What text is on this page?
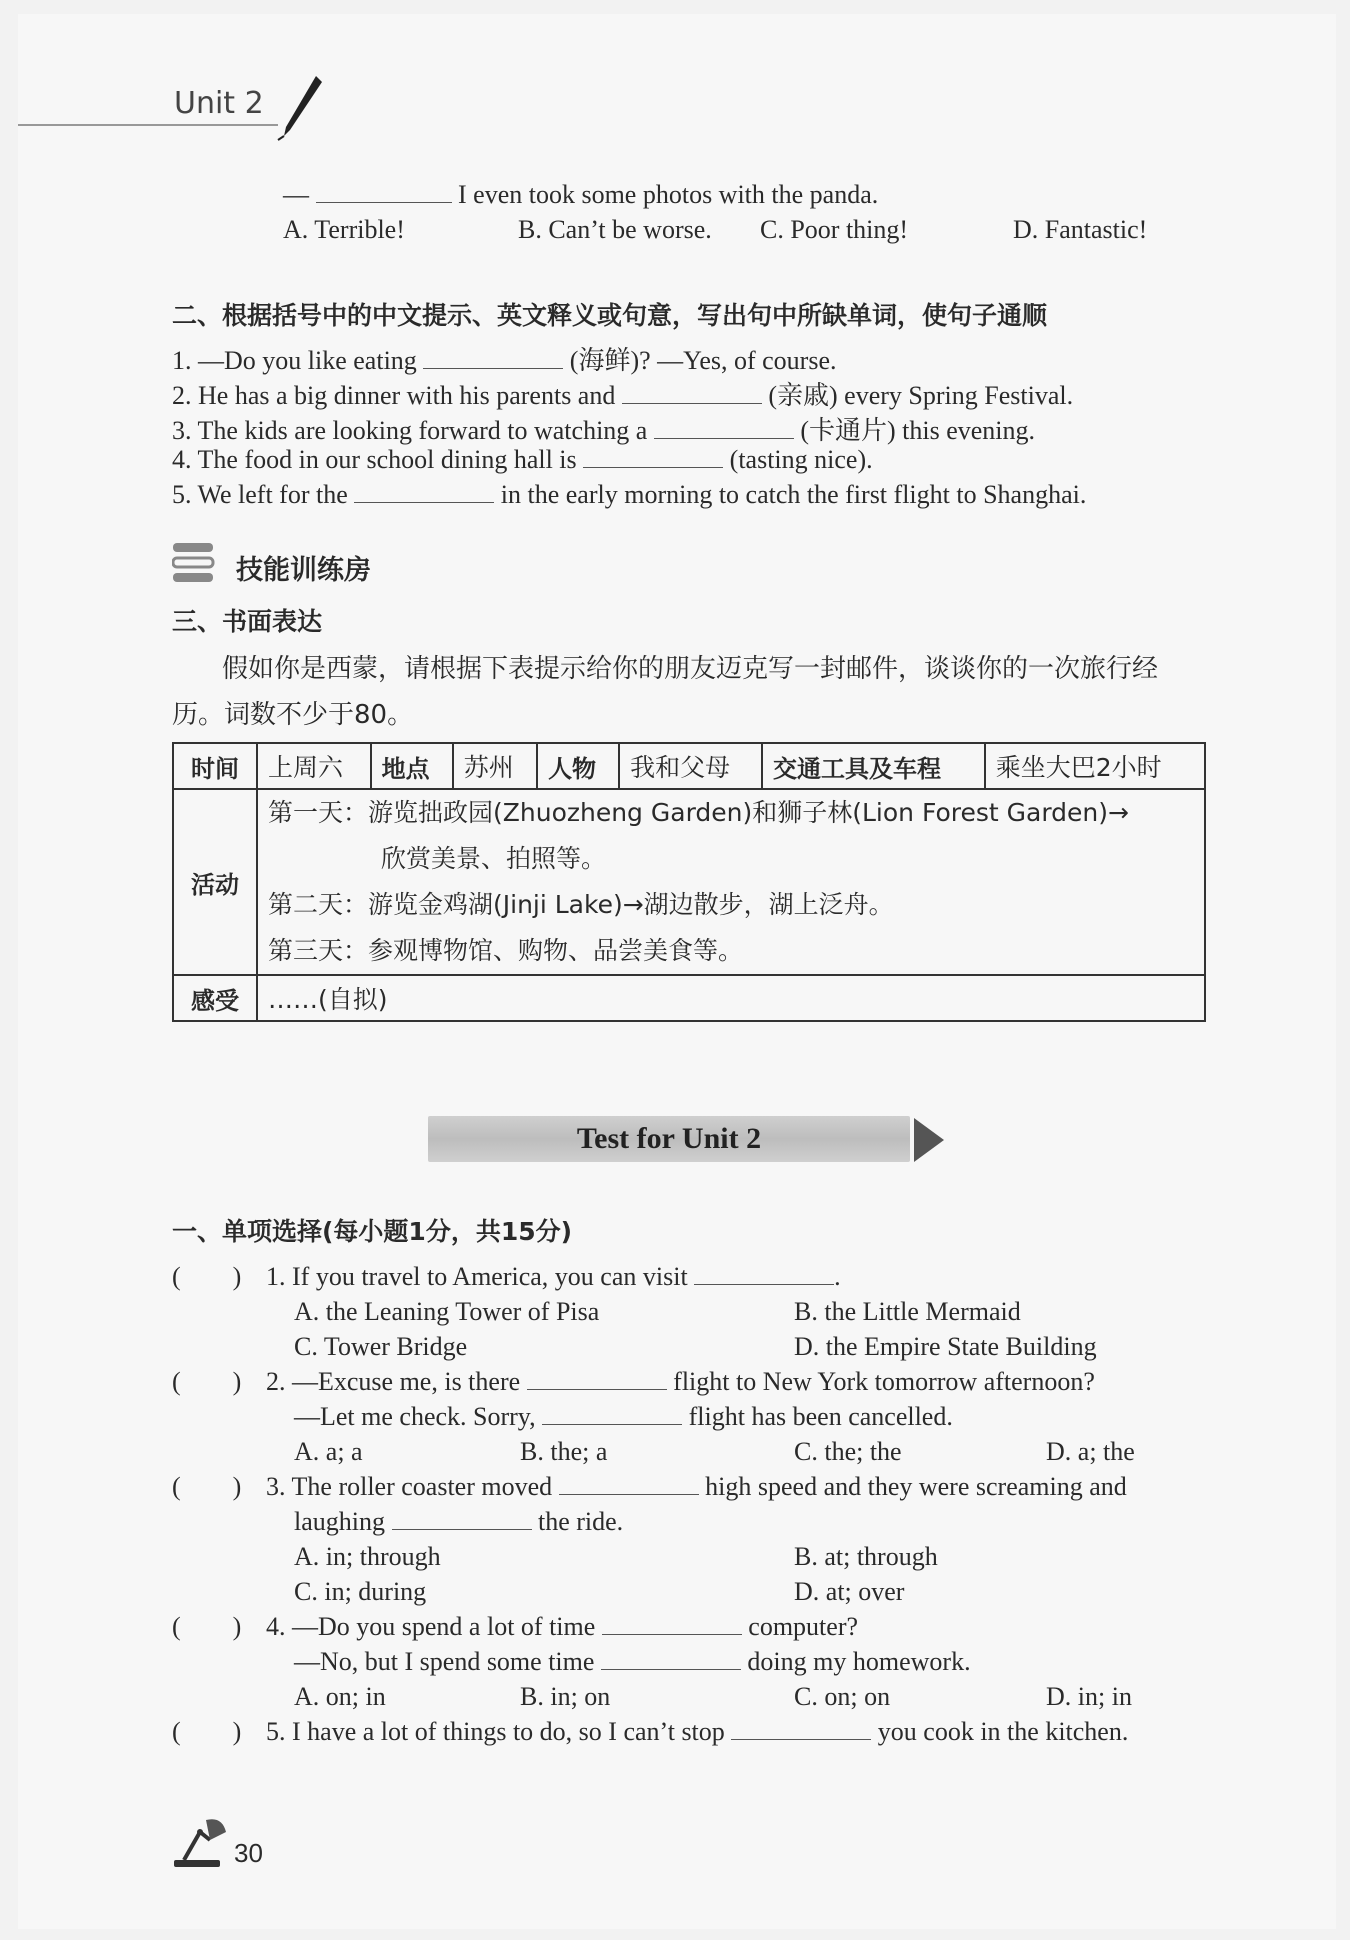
Unit 2
—	I even took some photos with the panda.
A. Terrible!	B. Can’t be worse. C. Poor thing!	D. Fantastic!
二、根据括号中的中文提示、英文释义或句意，写出句中所缺单词，使句子通顺
1. —Do you like eating	(海鲜)? —Yes, of course.
2. He has a big dinner with his parents and	(亲戚) every Spring Festival.
3. The kids are looking forward to watching a	(卡通片) this evening.
4. The food in our school dining hall is	(tasting nice).
5. We left for the	in the early morning to catch the first flight to Shanghai.
技能训练房
三、书面表达
假如你是西蒙，请根据下表提示给你的朋友迈克写一封邮件，谈谈你的一次旅行经
历。词数不少于80。
时间	上周六	地点	苏州	人物	我和父母	交通工具及车程	乘坐大巴2小时
活动	第一天：游览拙政园(Zhuozheng Garden)和狮子林(Lion Forest Garden)→
欣赏美景、拍照等。
第二天：游览金鸡湖(Jinji Lake)→湖边散步，湖上泛舟。
第三天：参观博物馆、购物、品尝美食等。						

感受	……(自拟)						
Test for Unit 2
一、单项选择(每小题1分，共15分)
(        ) 1. If you travel to America, you can visit	.
A. the Leaning Tower of Pisa	B. the Little Mermaid
C. Tower Bridge	D. the Empire State Building
(        ) 2. —Excuse me, is there	flight to New York tomorrow afternoon?
—Let me check. Sorry,	flight has been cancelled.
A. a; a	B. the; a	C. the; the	D. a; the
(        ) 3. The roller coaster moved	high speed and they were screaming and
laughing	the ride.
A. in; through	B. at; through
C. in; during	D. at; over
(        ) 4. —Do you spend a lot of time	computer?
—No, but I spend some time	doing my homework.
A. on; in	B. in; on	C. on; on	D. in; in
(        ) 5. I have a lot of things to do, so I can’t stop	you cook in the kitchen.
30
